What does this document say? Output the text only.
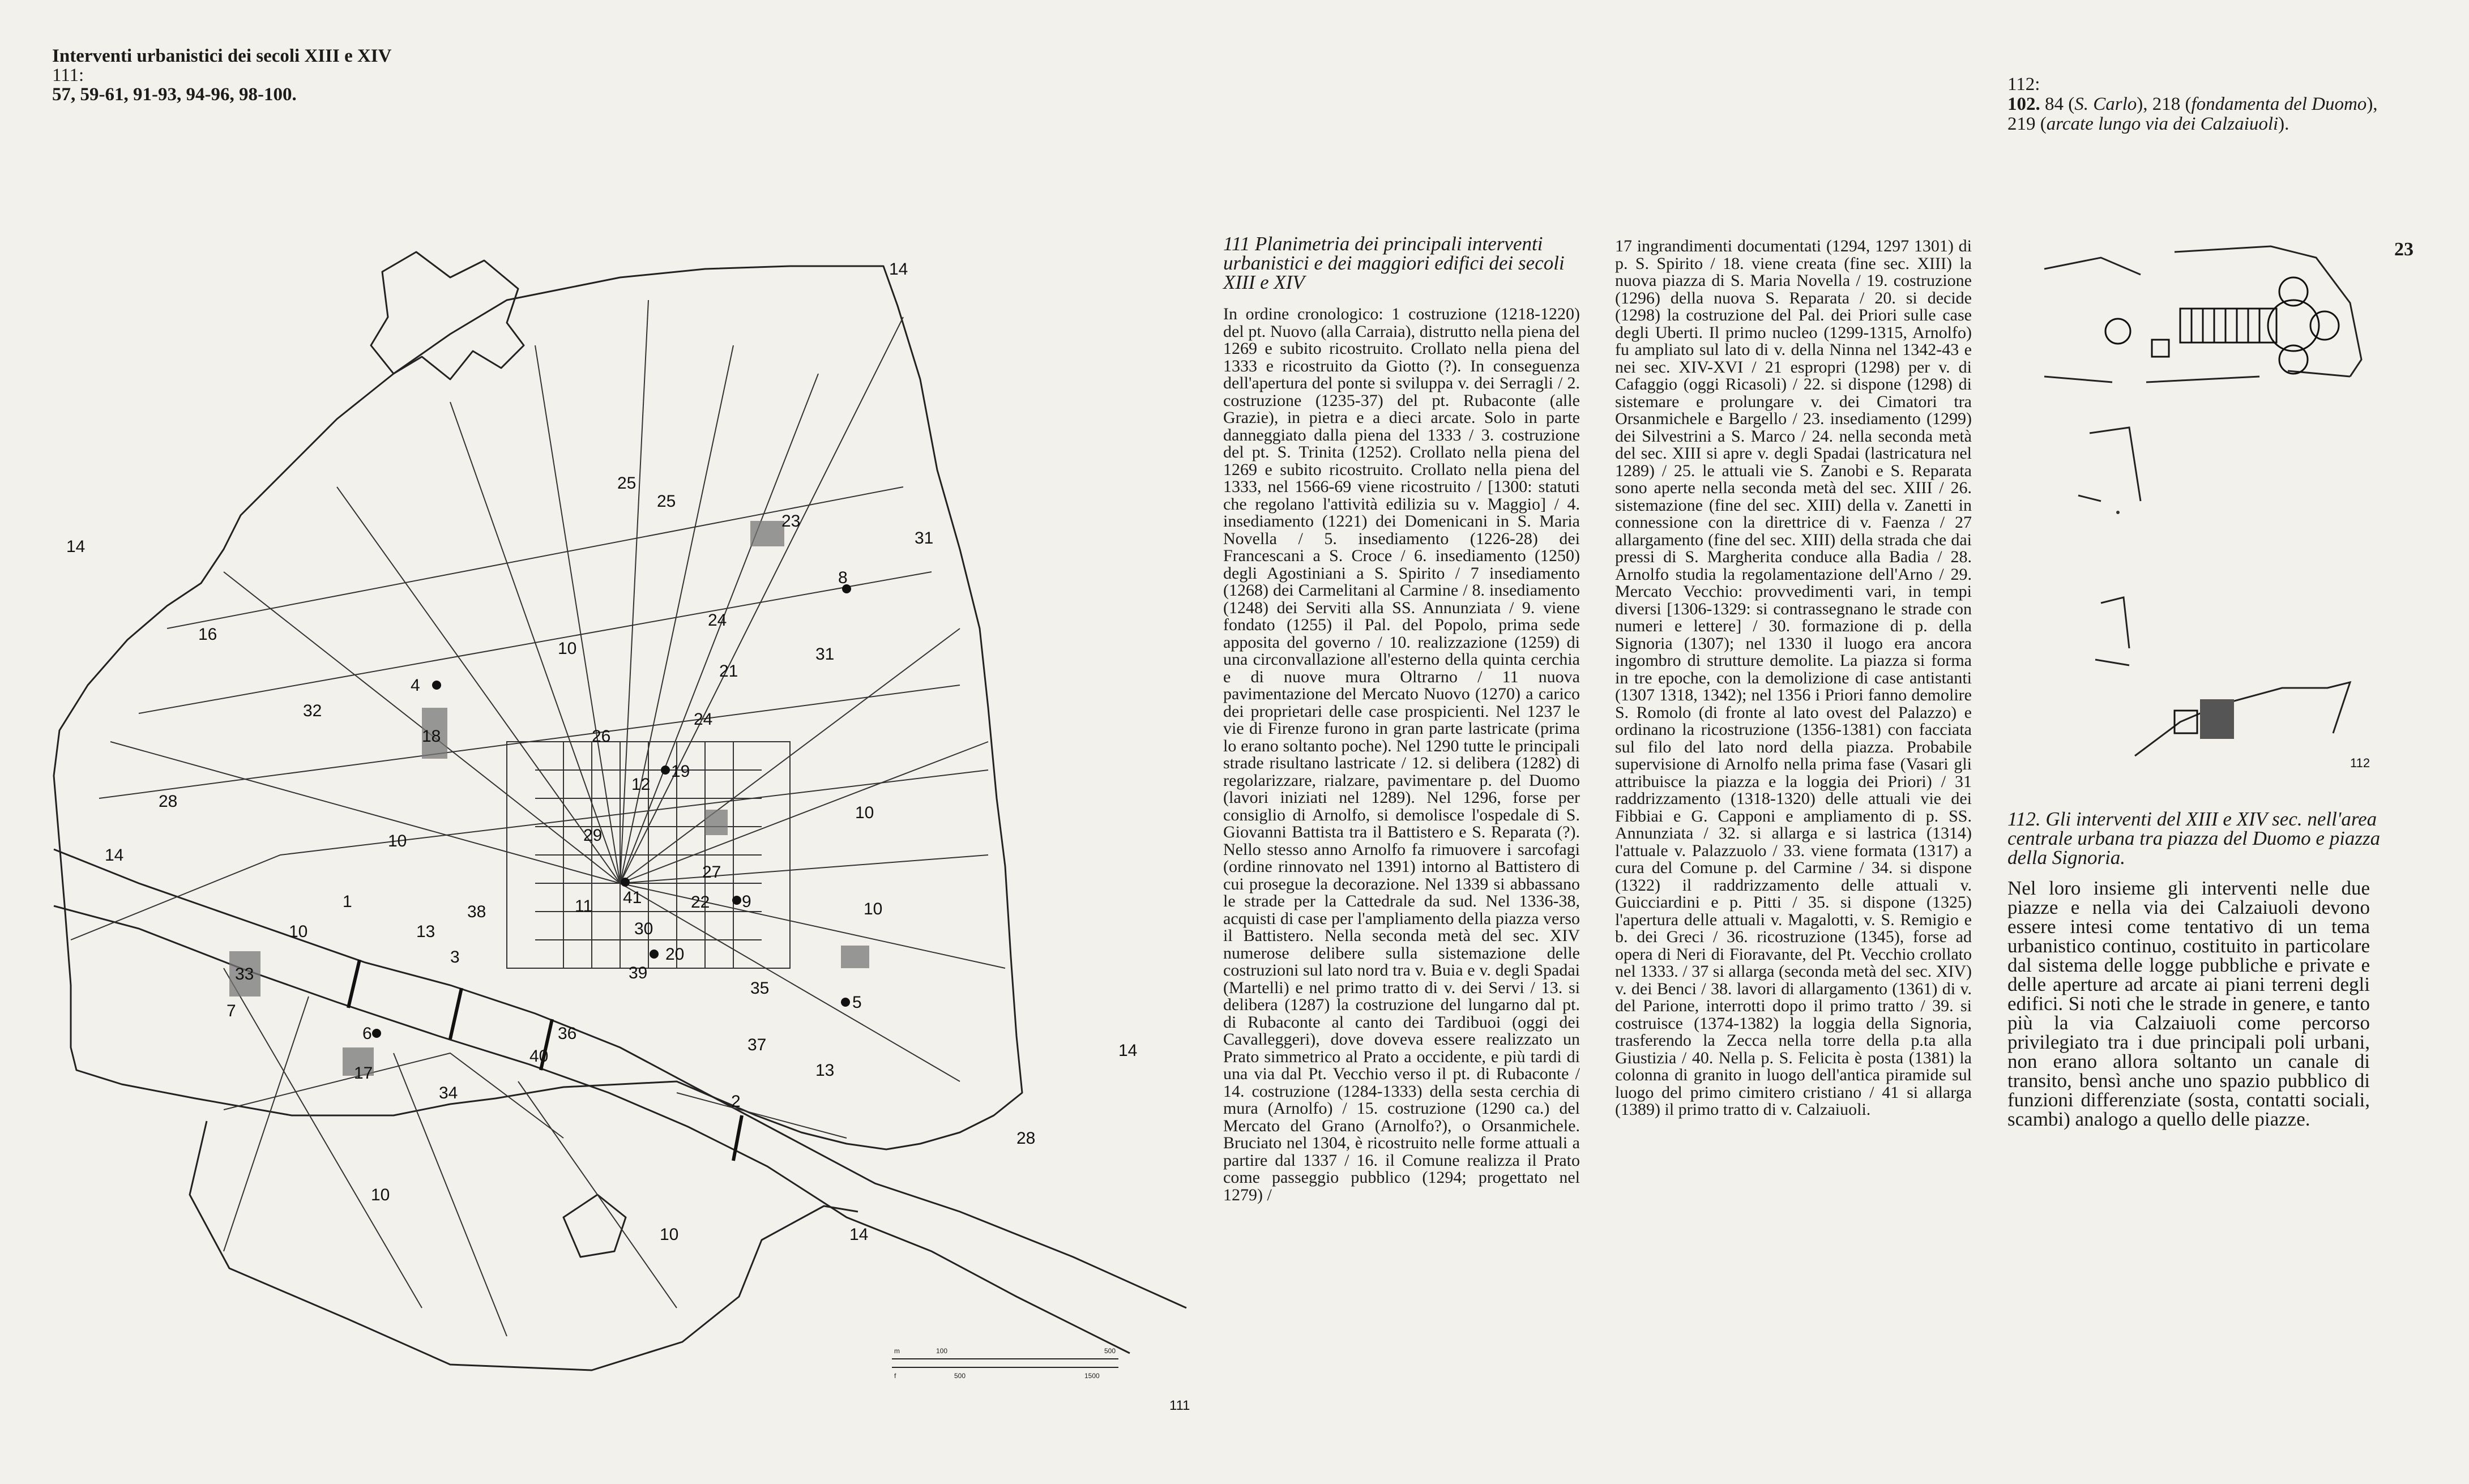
Interventi urbanistici dei secoli XIII e XIV
111:
57, 59-61, 91-93, 94-96, 98-100.	112:
102. 84 (S. Carlo), 218 (fondamenta del Duomo), 219 (arcate lungo via dei Calzaiuoli).
23
m	100	500
f	500	1500
1
2
3
4
5
6
7
8
9
10
10
10
10
10
10
10
11
12
13
13
14
14
14
14
14
16
17
18
19
20
21
22
23
24
24
25
25
26
27
28
28
29
30
31
31
32
33
34
35
36
37
38
39
40
41
111
111 Planimetria dei principali interventi urbanistici e dei maggiori edifici dei secoli XIII e XIV
In ordine cronologico: 1 costruzione (1218-1220) del pt. Nuovo (alla Carraia), distrutto nella piena del 1269 e subito ricostruito. Crollato nella piena del 1333 e ricostruito da Giotto (?). In conseguenza dell'apertura del ponte si sviluppa v. dei Serragli / 2. costruzione (1235-37) del pt. Rubaconte (alle Grazie), in pietra e a dieci arcate. Solo in parte danneggiato dalla piena del 1333 / 3. costruzione del pt. S. Trinita (1252). Crollato nella piena del 1269 e subito ricostruito. Crollato nella piena del 1333, nel 1566-69 viene ricostruito / [1300: statuti che regolano l'attività edilizia su v. Maggio] / 4. insediamento (1221) dei Domenicani in S. Maria Novella / 5. insediamento (1226-28) dei Francescani a S. Croce / 6. insediamento (1250) degli Agostiniani a S. Spirito / 7 insediamento (1268) dei Carmelitani al Carmine / 8. insediamento (1248) dei Serviti alla SS. Annunziata / 9. viene fondato (1255) il Pal. del Popolo, prima sede apposita del governo / 10. realizzazione (1259) di una circonvallazione all'esterno della quinta cerchia e di nuove mura Oltrarno / 11 nuova pavimentazione del Mercato Nuovo (1270) a carico dei proprietari delle case prospicienti. Nel 1237 le vie di Firenze furono in gran parte lastricate (prima lo erano soltanto poche). Nel 1290 tutte le principali strade risultano lastricate / 12. si delibera (1282) di regolarizzare, rialzare, pavimentare p. del Duomo (lavori iniziati nel 1289). Nel 1296, forse per consiglio di Arnolfo, si demolisce l'ospedale di S. Giovanni Battista tra il Battistero e S. Reparata (?). Nello stesso anno Arnolfo fa rimuovere i sarcofagi (ordine rinnovato nel 1391) intorno al Battistero di cui prosegue la decorazione. Nel 1339 si abbassano le strade per la Cattedrale da sud. Nel 1336-38, acquisti di case per l'ampliamento della piazza verso il Battistero. Nella seconda metà del sec. XIV numerose delibere sulla sistemazione delle costruzioni sul lato nord tra v. Buia e v. degli Spadai (Martelli) e nel primo tratto di v. dei Servi / 13. si delibera (1287) la costruzione del lungarno dal pt. di Rubaconte al canto dei Tardibuoi (oggi dei Cavalleggeri), dove doveva essere realizzato un Prato simmetrico al Prato a occidente, e più tardi di una via dal Pt. Vecchio verso il pt. di Rubaconte / 14. costruzione (1284-1333) della sesta cerchia di mura (Arnolfo) / 15. costruzione (1290 ca.) del Mercato del Grano (Arnolfo?), o Orsanmichele. Bruciato nel 1304, è ricostruito nelle forme attuali a partire dal 1337 / 16. il Comune realizza il Prato come passeggio pubblico (1294; progettato nel 1279) /
17 ingrandimenti documentati (1294, 1297 1301) di p. S. Spirito / 18. viene creata (fine sec. XIII) la nuova piazza di S. Maria Novella / 19. costruzione (1296) della nuova S. Reparata / 20. si decide (1298) la costruzione del Pal. dei Priori sulle case degli Uberti. Il primo nucleo (1299-1315, Arnolfo) fu ampliato sul lato di v. della Ninna nel 1342-43 e nei sec. XIV-XVI / 21 espropri (1298) per v. di Cafaggio (oggi Ricasoli) / 22. si dispone (1298) di sistemare e prolungare v. dei Cimatori tra Orsanmichele e Bargello / 23. insediamento (1299) dei Silvestrini a S. Marco / 24. nella seconda metà del sec. XIII si apre v. degli Spadai (lastricatura nel 1289) / 25. le attuali vie S. Zanobi e S. Reparata sono aperte nella seconda metà del sec. XIII / 26. sistemazione (fine del sec. XIII) della v. Zanetti in connessione con la direttrice di v. Faenza / 27 allargamento (fine del sec. XIII) della strada che dai pressi di S. Margherita conduce alla Badia / 28. Arnolfo studia la regolamentazione dell'Arno / 29. Mercato Vecchio: provvedimenti vari, in tempi diversi [1306-1329: si contrassegnano le strade con numeri e lettere] / 30. formazione di p. della Signoria (1307); nel 1330 il luogo era ancora ingombro di strutture demolite. La piazza si forma in tre epoche, con la demolizione di case antistanti (1307 1318, 1342); nel 1356 i Priori fanno demolire S. Romolo (di fronte al lato ovest del Palazzo) e ordinano la ricostruzione (1356-1381) con facciata sul filo del lato nord della piazza. Probabile supervisione di Arnolfo nella prima fase (Vasari gli attribuisce la piazza e la loggia dei Priori) / 31 raddrizzamento (1318-1320) delle attuali vie dei Fibbiai e G. Capponi e ampliamento di p. SS. Annunziata / 32. si allarga e si lastrica (1314) l'attuale v. Palazzuolo / 33. viene formata (1317) a cura del Comune p. del Carmine / 34. si dispone (1322) il raddrizzamento delle attuali v. Guicciardini e p. Pitti / 35. si dispone (1325) l'apertura delle attuali v. Magalotti, v. S. Remigio e b. dei Greci / 36. ricostruzione (1345), forse ad opera di Neri di Fioravante, del Pt. Vecchio crollato nel 1333. / 37 si allarga (seconda metà del sec. XIV) v. dei Benci / 38. lavori di allargamento (1361) di v. del Parione, interrotti dopo il primo tratto / 39. si costruisce (1374-1382) la loggia della Signoria, trasferendo la Zecca nella torre della p.ta alla Giustizia / 40. Nella p. S. Felicita è posta (1381) la colonna di granito in luogo dell'antica piramide sul luogo del primo cimitero cristiano / 41 si allarga (1389) il primo tratto di v. Calzaiuoli.
112
112. Gli interventi del XIII e XIV sec. nell'area centrale urbana tra piazza del Duomo e piazza della Signoria.
Nel loro insieme gli interventi nelle due piazze e nella via dei Calzaiuoli devono essere intesi come tentativo di un tema urbanistico continuo, costituito in particolare dal sistema delle logge pubbliche e private e delle aperture ad arcate ai piani terreni degli edifici. Si noti che le strade in genere, e tanto più la via Calzaiuoli come percorso privilegiato tra i due principali poli urbani, non erano allora soltanto un canale di transito, bensì anche uno spazio pubblico di funzioni differenziate (sosta, contatti sociali, scambi) analogo a quello delle piazze.
